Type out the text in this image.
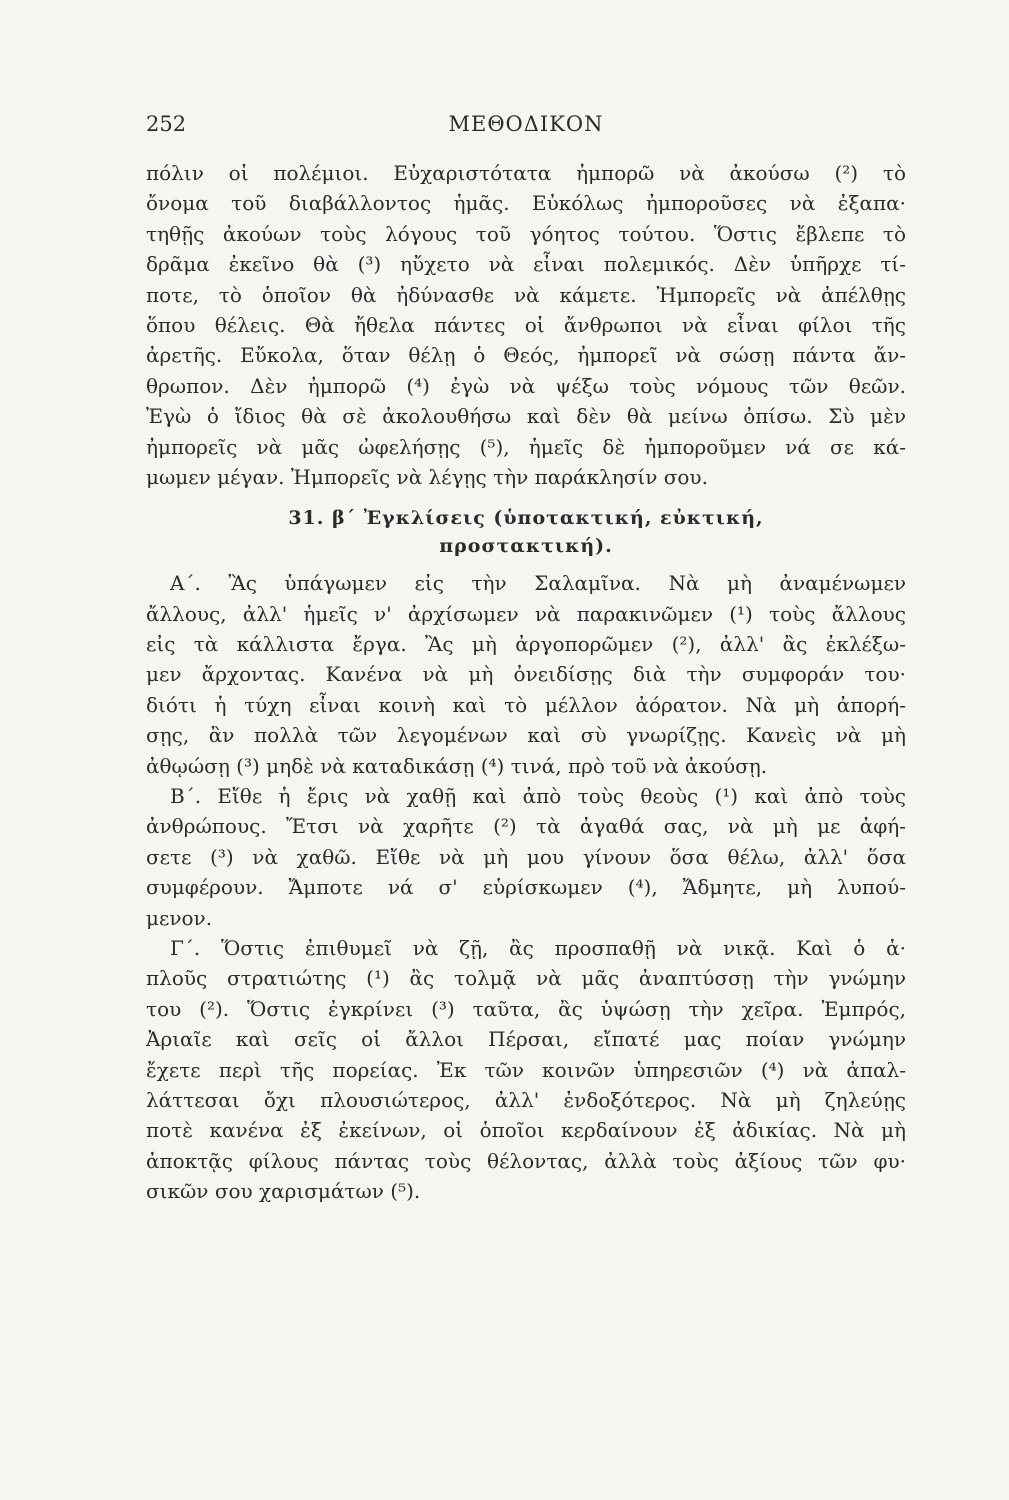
252	ΜΕΘΟΔΙΚΟΝ
πόλιν οἱ πολέμιοι. Εὐχαριστότατα ἠμπορῶ νὰ ἀκούσω (²) τὸ
ὄνομα τοῦ διαβάλλοντος ἡμᾶς. Εὐκόλως ἠμποροῦσες νὰ ἐξαπα·
τηθῇς ἀκούων τοὺς λόγους τοῦ γόητος τούτου. Ὅστις ἔβλεπε τὸ
δρᾶμα ἐκεῖνο θὰ (³) ηὔχετο νὰ εἶναι πολεμικός. Δὲν ὑπῆρχε τί-
ποτε, τὸ ὁποῖον θὰ ἠδύνασθε νὰ κάμετε. Ἠμπορεῖς νὰ ἀπέλθῃς
ὅπου θέλεις. Θὰ ἤθελα πάντες οἱ ἄνθρωποι νὰ εἶναι φίλοι τῆς
ἀρετῆς. Εὔκολα, ὅταν θέλῃ ὁ Θεός, ἠμπορεῖ νὰ σώσῃ πάντα ἄν-
θρωπον. Δὲν ἠμπορῶ (⁴) ἐγὼ νὰ ψέξω τοὺς νόμους τῶν θεῶν.
Ἐγὼ ὁ ἴδιος θὰ σὲ ἀκολουθήσω καὶ δὲν θὰ μείνω ὀπίσω. Σὺ μὲν
ἠμπορεῖς νὰ μᾶς ὠφελήσῃς (⁵), ἡμεῖς δὲ ἠμποροῦμεν νά σε κά-
μωμεν μέγαν. Ἠμπορεῖς νὰ λέγῃς τὴν παράκλησίν σου.
31. β΄ Ἐγκλίσεις (ὑποτακτική, εὐκτική,
προστακτική).
Α΄. Ἂς ὑπάγωμεν εἰς τὴν Σαλαμῖνα. Νὰ μὴ ἀναμένωμεν
ἄλλους, ἀλλ' ἡμεῖς ν' ἀρχίσωμεν νὰ παρακινῶμεν (¹) τοὺς ἄλλους
εἰς τὰ κάλλιστα ἔργα. Ἂς μὴ ἀργοπορῶμεν (²), ἀλλ' ἂς ἐκλέξω-
μεν ἄρχοντας. Κανένα νὰ μὴ ὀνειδίσῃς διὰ τὴν συμφοράν του·
διότι ἡ τύχη εἶναι κοινὴ καὶ τὸ μέλλον ἀόρατον. Νὰ μὴ ἀπορή-
σῃς, ἂν πολλὰ τῶν λεγομένων καὶ σὺ γνωρίζῃς. Κανεὶς νὰ μὴ
ἀθῳώσῃ (³) μηδὲ νὰ καταδικάσῃ (⁴) τινά, πρὸ τοῦ νὰ ἀκούσῃ.
Β΄. Εἴθε ἡ ἔρις νὰ χαθῇ καὶ ἀπὸ τοὺς θεοὺς (¹) καὶ ἀπὸ τοὺς
ἀνθρώπους. Ἔτσι νὰ χαρῆτε (²) τὰ ἀγαθά σας, νὰ μὴ με ἀφή-
σετε (³) νὰ χαθῶ. Εἴθε νὰ μὴ μου γίνουν ὅσα θέλω, ἀλλ' ὅσα
συμφέρουν. Ἄμποτε νά σ' εὑρίσκωμεν (⁴), Ἄδμητε, μὴ λυπού-
μενον.
Γ΄. Ὅστις ἐπιθυμεῖ νὰ ζῇ, ἂς προσπαθῇ νὰ νικᾷ. Καὶ ὁ ἁ·
πλοῦς στρατιώτης (¹) ἂς τολμᾷ νὰ μᾶς ἀναπτύσσῃ τὴν γνώμην
του (²). Ὅστις ἐγκρίνει (³) ταῦτα, ἂς ὑψώσῃ τὴν χεῖρα. Ἐμπρός,
Ἀριαῖε καὶ σεῖς οἱ ἄλλοι Πέρσαι, εἴπατέ μας ποίαν γνώμην
ἔχετε περὶ τῆς πορείας. Ἐκ τῶν κοινῶν ὑπηρεσιῶν (⁴) νὰ ἀπαλ-
λάττεσαι ὄχι πλουσιώτερος, ἀλλ' ἐνδοξότερος. Νὰ μὴ ζηλεύῃς
ποτὲ κανένα ἐξ ἐκείνων, οἱ ὁποῖοι κερδαίνουν ἐξ ἀδικίας. Νὰ μὴ
ἀποκτᾷς φίλους πάντας τοὺς θέλοντας, ἀλλὰ τοὺς ἀξίους τῶν φυ·
σικῶν σου χαρισμάτων (⁵).
